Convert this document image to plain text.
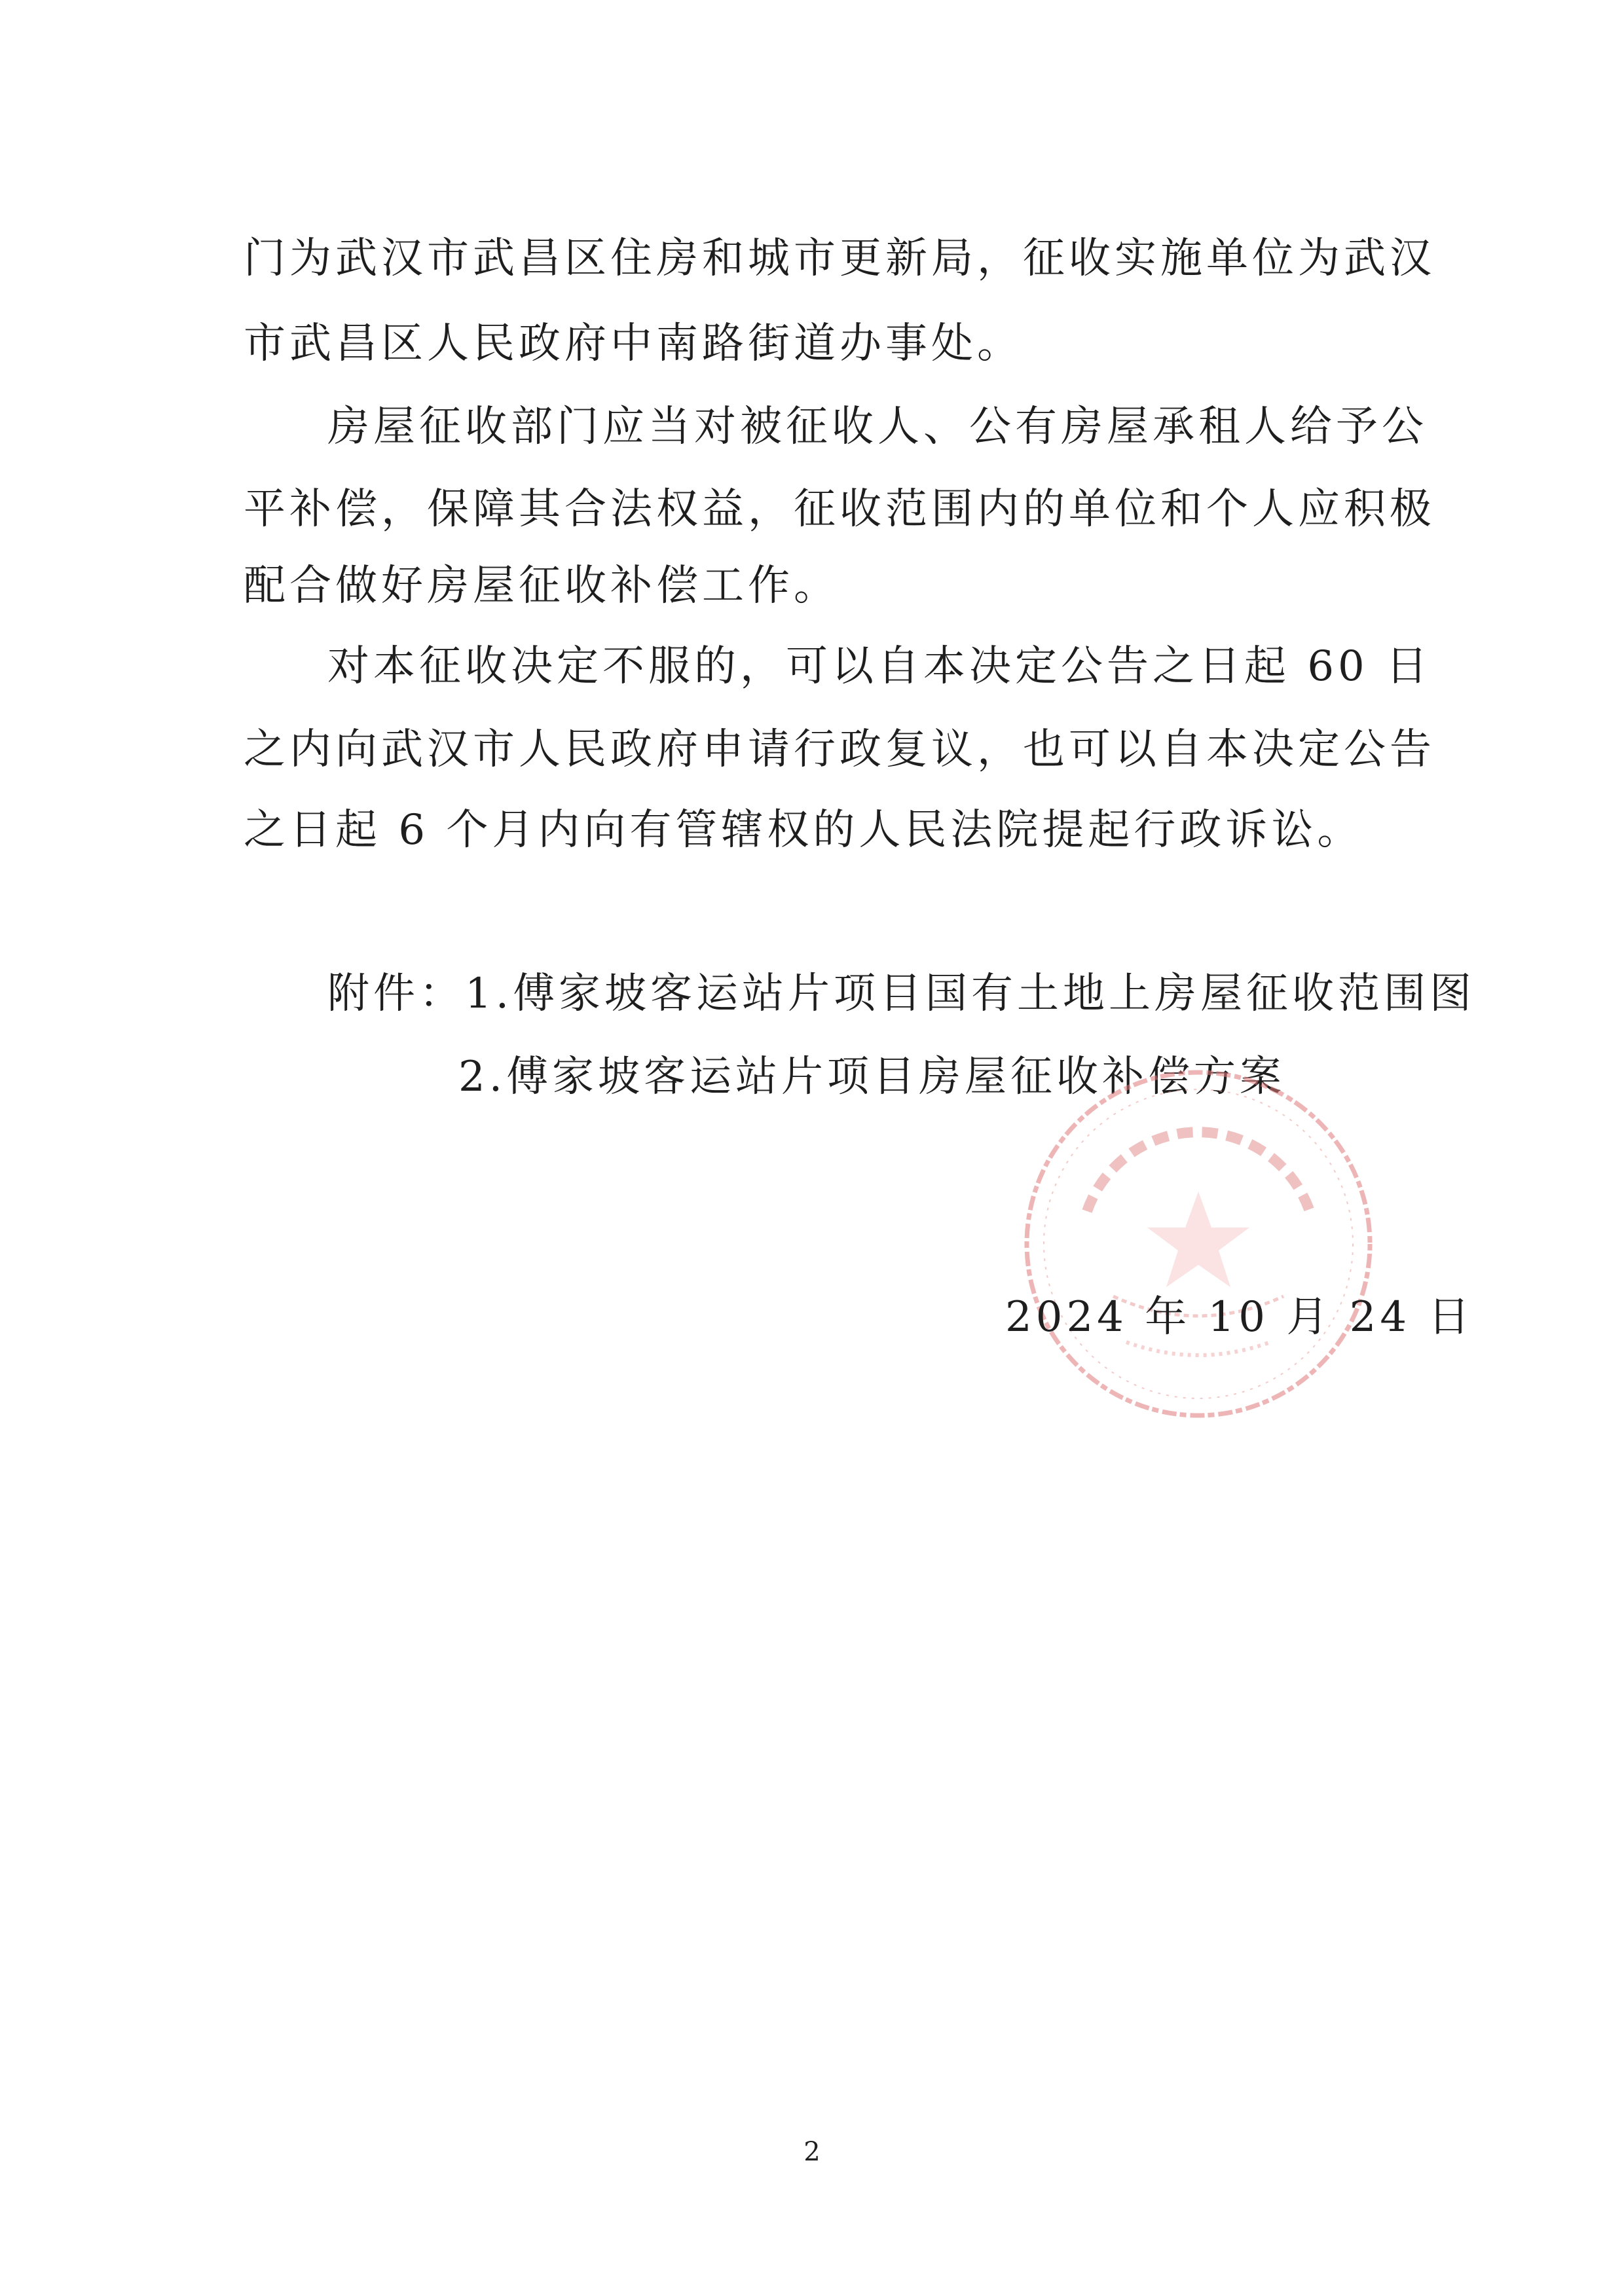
门为武汉市武昌区住房和城市更新局，征收实施单位为武汉
市武昌区人民政府中南路街道办事处。
房屋征收部门应当对被征收人、公有房屋承租人给予公
平补偿，保障其合法权益，征收范围内的单位和个人应积极
配合做好房屋征收补偿工作。
对本征收决定不服的，可以自本决定公告之日起 60 日
之内向武汉市人民政府申请行政复议，也可以自本决定公告
之日起 6 个月内向有管辖权的人民法院提起行政诉讼。
附件：1.傅家坡客运站片项目国有土地上房屋征收范围图
2.傅家坡客运站片项目房屋征收补偿方案
2024 年 10 月 24 日
2
